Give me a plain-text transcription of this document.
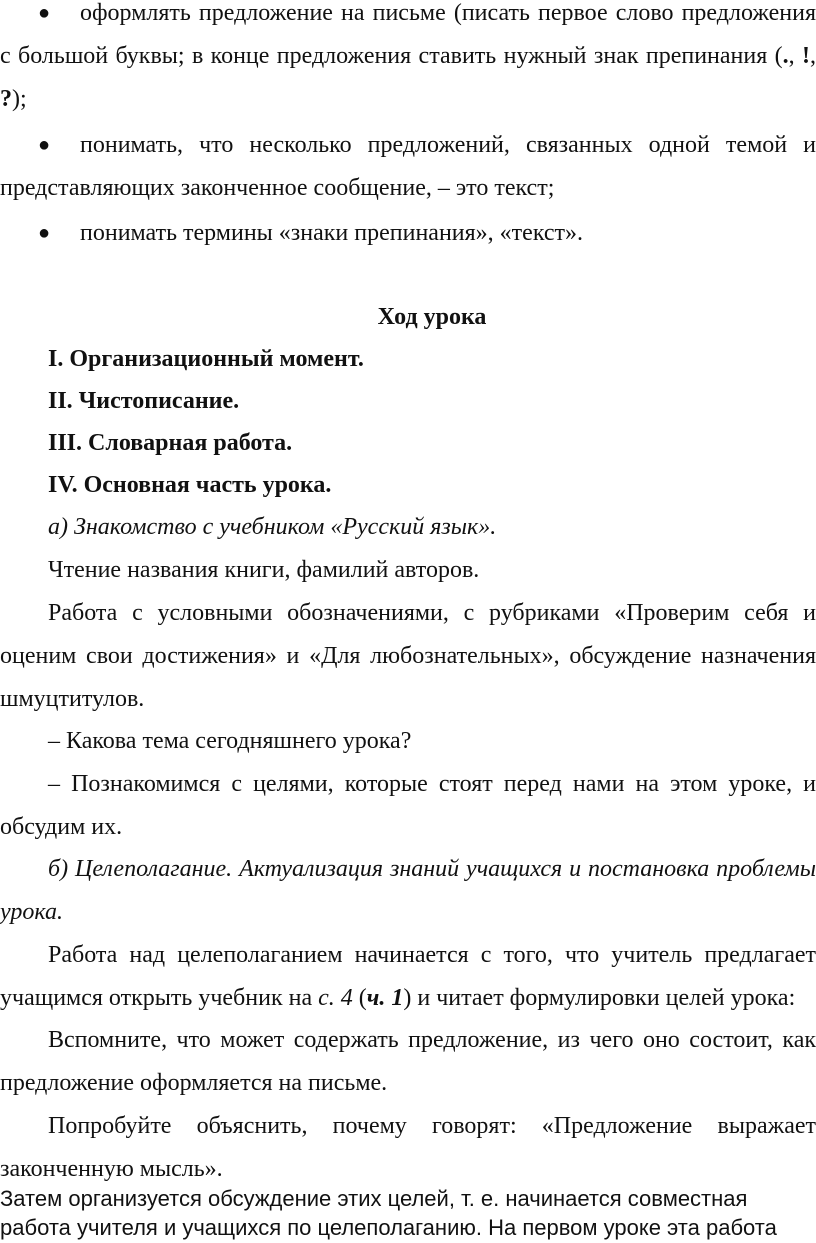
●	оформлять предложение на письме (писать первое слово предложения с большой буквы; в конце предложения ставить нужный знак препинания (., !, ?);

●	понимать, что несколько предложений, связанных одной темой и представляющих законченное сообщение, – это текст;

●	понимать термины «знаки препинания», «текст».

Ход урока

I. Организационный момент.

II. Чистописание.

III. Словарная работа.

IV. Основная часть урока.

а) Знакомство с учебником «Русский язык».

Чтение названия книги, фамилий авторов.

Работа с условными обозначениями, с рубриками «Проверим себя и оценим свои достижения» и «Для любознательных», обсуждение назначения шмуцтитулов.

– Какова тема сегодняшнего урока?

– Познакомимся с целями, которые стоят перед нами на этом уроке, и обсудим их.

б) Целеполагание. Актуализация знаний учащихся и постановка проблемы урока.

Работа над целеполаганием начинается с того, что учитель предлагает учащимся открыть учебник на с. 4 (ч. 1) и читает формулировки целей урока:

Вспомните, что может содержать предложение, из чего оно состоит, как предложение оформляется на письме.

Попробуйте объяснить, почему говорят: «Предложение выражает законченную мысль».

Затем организуется обсуждение этих целей, т. е. начинается совместная работа учителя и учащихся по целеполаганию. На первом уроке эта работа
